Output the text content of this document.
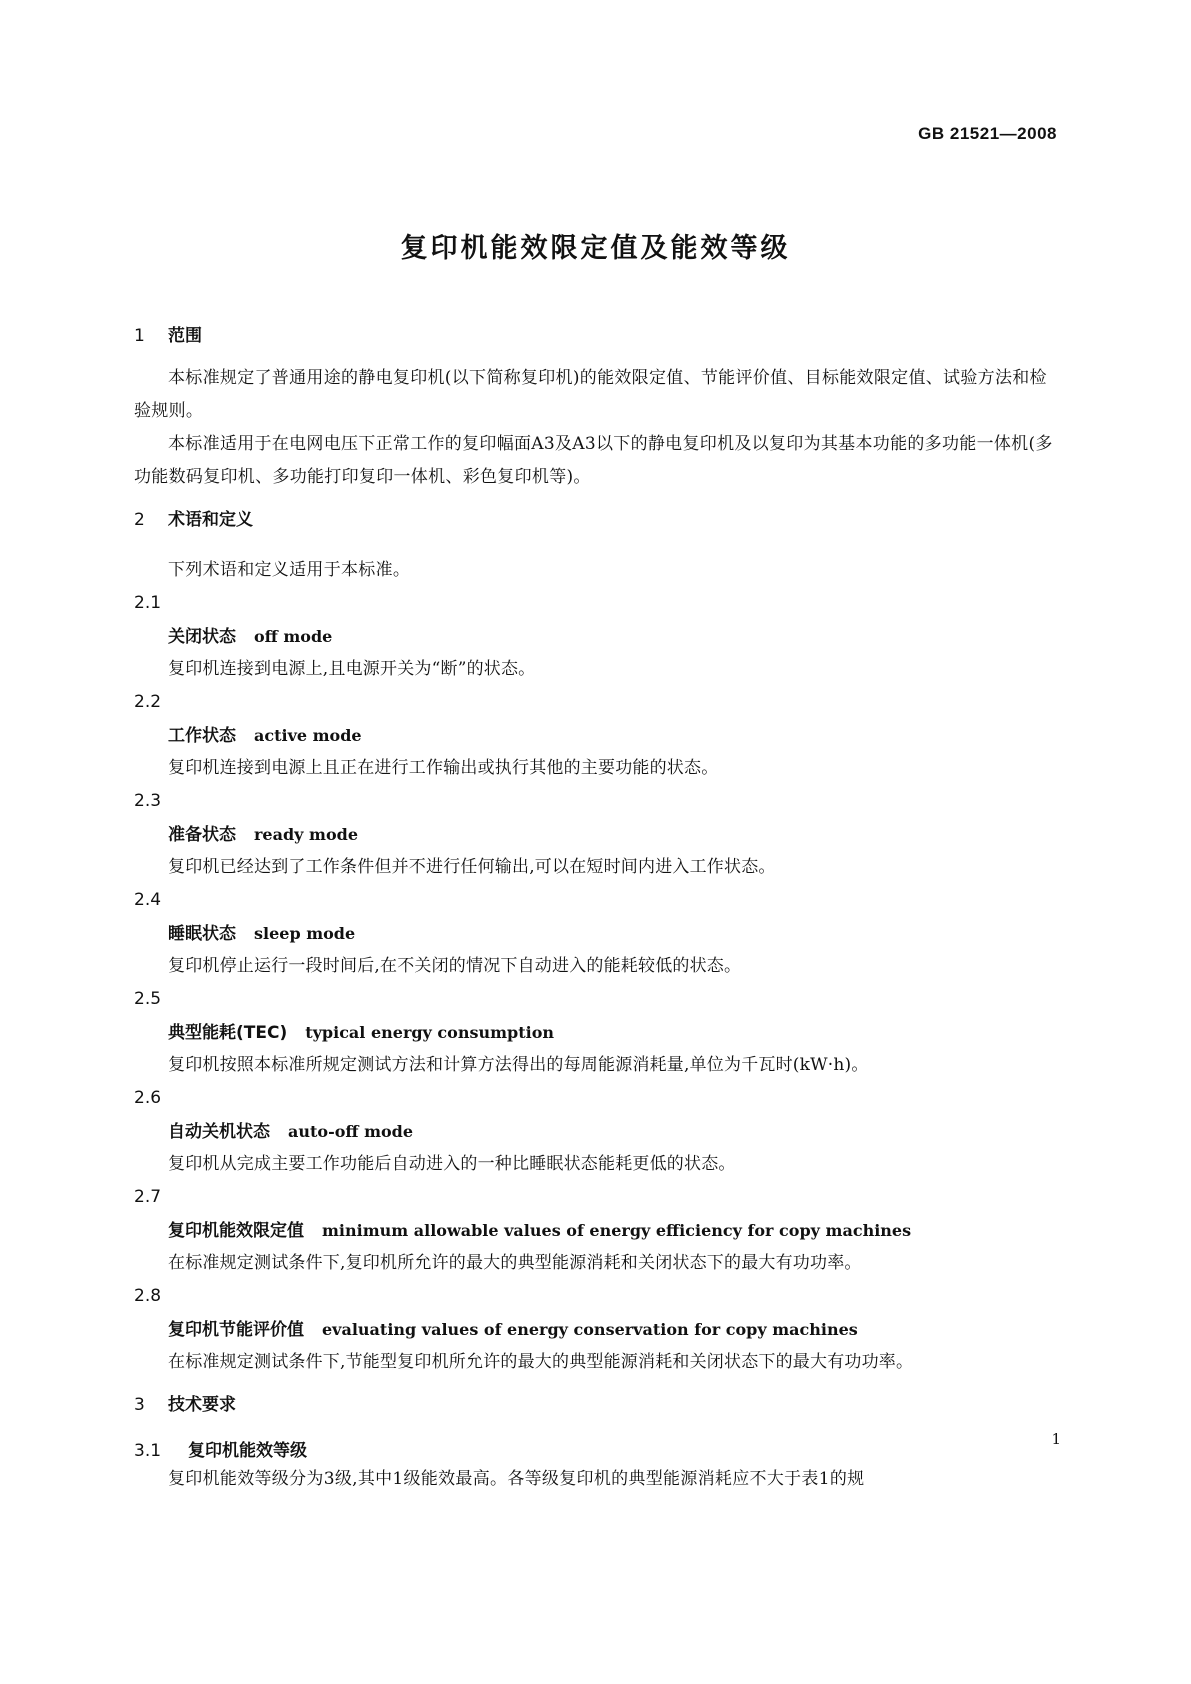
GB 21521—2008
复印机能效限定值及能效等级
1 范围

本标准规定了普通用途的静电复印机(以下简称复印机)的能效限定值、节能评价值、目标能效限定值、试验方法和检验规则。

本标准适用于在电网电压下正常工作的复印幅面A3及A3以下的静电复印机及以复印为其基本功能的多功能一体机(多功能数码复印机、多功能打印复印一体机、彩色复印机等)。

2 术语和定义

下列术语和定义适用于本标准。

2.1
关闭状态 off mode
复印机连接到电源上,且电源开关为“断”的状态。
2.2
工作状态 active mode
复印机连接到电源上且正在进行工作输出或执行其他的主要功能的状态。
2.3
准备状态 ready mode
复印机已经达到了工作条件但并不进行任何输出,可以在短时间内进入工作状态。
2.4
睡眠状态 sleep mode
复印机停止运行一段时间后,在不关闭的情况下自动进入的能耗较低的状态。
2.5
典型能耗(TEC) typical energy consumption
复印机按照本标准所规定测试方法和计算方法得出的每周能源消耗量,单位为千瓦时(kW·h)。
2.6
自动关机状态 auto-off mode
复印机从完成主要工作功能后自动进入的一种比睡眠状态能耗更低的状态。
2.7
复印机能效限定值 minimum allowable values of energy efficiency for copy machines
在标准规定测试条件下,复印机所允许的最大的典型能源消耗和关闭状态下的最大有功功率。
2.8
复印机节能评价值 evaluating values of energy conservation for copy machines
在标准规定测试条件下,节能型复印机所允许的最大的典型能源消耗和关闭状态下的最大有功功率。
3 技术要求
3.1 复印机能效等级

复印机能效等级分为3级,其中1级能效最高。各等级复印机的典型能源消耗应不大于表1的规

1
